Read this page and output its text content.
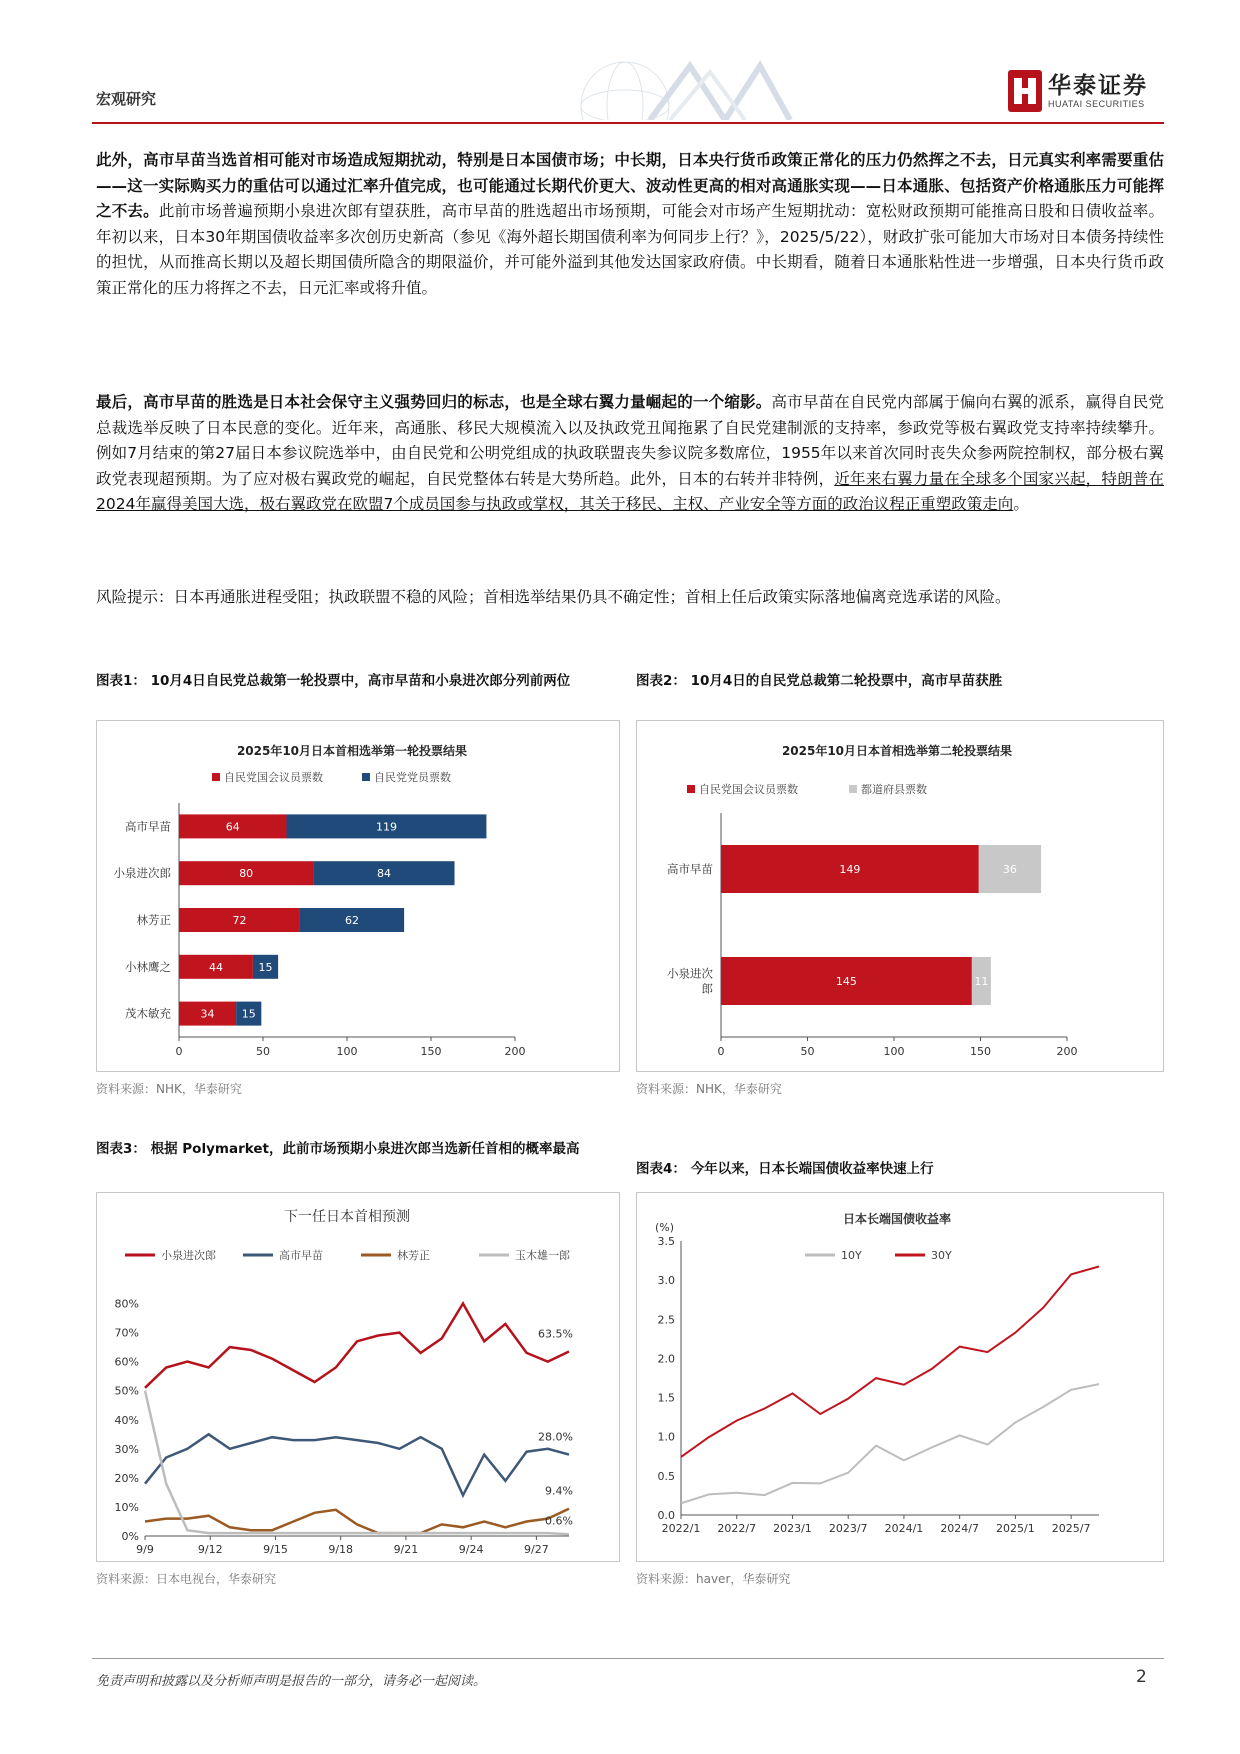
宏观研究	华泰证券
HUATAI SECURITIES
此外，高市早苗当选首相可能对市场造成短期扰动，特别是日本国债市场；中长期，日本央行货币政策正常化的压力仍然挥之不去，日元真实利率需要重估——这一实际购买力的重估可以通过汇率升值完成，也可能通过长期代价更大、波动性更高的相对高通胀实现——日本通胀、包括资产价格通胀压力可能挥之不去。此前市场普遍预期小泉进次郎有望获胜，高市早苗的胜选超出市场预期，可能会对市场产生短期扰动：宽松财政预期可能推高日股和日债收益率。年初以来，日本30年期国债收益率多次创历史新高（参见《海外超长期国债利率为何同步上行？》，2025/5/22），财政扩张可能加大市场对日本债务持续性的担忧，从而推高长期以及超长期国债所隐含的期限溢价，并可能外溢到其他发达国家政府债。中长期看，随着日本通胀粘性进一步增强，日本央行货币政策正常化的压力将挥之不去，日元汇率或将升值。
最后，高市早苗的胜选是日本社会保守主义强势回归的标志，也是全球右翼力量崛起的一个缩影。高市早苗在自民党内部属于偏向右翼的派系，赢得自民党总裁选举反映了日本民意的变化。近年来，高通胀、移民大规模流入以及执政党丑闻拖累了自民党建制派的支持率，参政党等极右翼政党支持率持续攀升。例如7月结束的第27届日本参议院选举中，由自民党和公明党组成的执政联盟丧失参议院多数席位，1955年以来首次同时丧失众参两院控制权，部分极右翼政党表现超预期。为了应对极右翼政党的崛起，自民党整体右转是大势所趋。此外，日本的右转并非特例，近年来右翼力量在全球多个国家兴起，特朗普在2024年赢得美国大选，极右翼政党在欧盟7个成员国参与执政或掌权，其关于移民、主权、产业安全等方面的政治议程正重塑政策走向。
风险提示：日本再通胀进程受阻；执政联盟不稳的风险；首相选举结果仍具不确定性；首相上任后政策实际落地偏离竞选承诺的风险。
图表1： 10月4日自民党总裁第一轮投票中，高市早苗和小泉进次郎分列前两位
2025年10月日本首相选举第一轮投票结果
自民党国会议员票数	自民党党员票数
0	50	100	150	200
高市早苗	64	119
小泉进次郎	80	84
林芳正	72	62
小林鹰之	44	15
茂木敏充	34 15
资料来源：NHK，华泰研究
图表2： 10月4日的自民党总裁第二轮投票中，高市早苗获胜
2025年10月日本首相选举第二轮投票结果
自民党国会议员票数	都道府县票数
0	50	100	150	200
高市早苗	149	36
小泉进次
郎	145	11
资料来源：NHK，华泰研究
图表3： 根据 Polymarket，此前市场预期小泉进次郎当选新任首相的概率最高
下一任日本首相预测
小泉进次郎	高市早苗	林芳正	玉木雄一郎
0%
10%
20%
30%
40%
50%
60%
70%
80%
9/9	9/12	9/15	9/18	9/21	9/24	9/27
63.5%
28.0%
9.4%
0.6%
资料来源：日本电视台，华泰研究
图表4： 今年以来，日本长端国债收益率快速上行
日本长端国债收益率
10Y	30Y
(%)
0.0
0.5
1.0
1.5
2.0
2.5
3.0
3.5
2022/1 2022/7 2023/1 2023/7 2024/1 2024/7 2025/1 2025/7
资料来源：haver，华泰研究
免责声明和披露以及分析师声明是报告的一部分，请务必一起阅读。	2
